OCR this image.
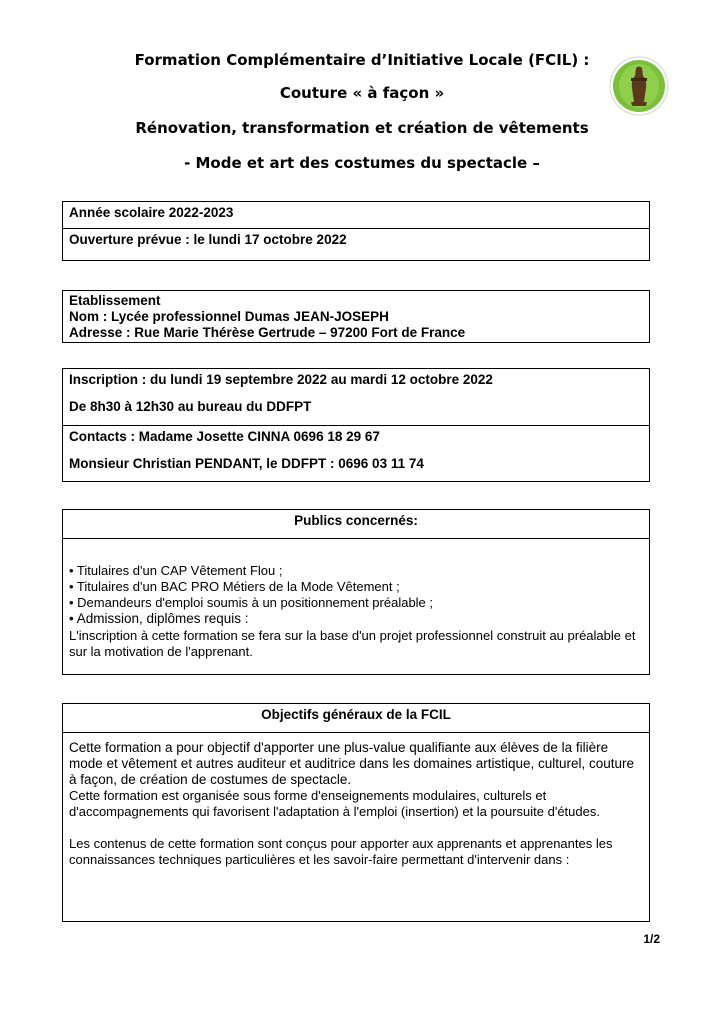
Formation Complémentaire d’Initiative Locale (FCIL) :
Couture « à façon »
Rénovation, transformation et création de vêtements
- Mode et art des costumes du spectacle –
Année scolaire 2022-2023
Ouverture prévue : le lundi 17 octobre 2022
Etablissement
Nom : Lycée professionnel Dumas JEAN-JOSEPH
Adresse : Rue Marie Thérèse Gertrude – 97200 Fort de France
Inscription : du lundi 19 septembre 2022 au mardi 12 octobre 2022
De 8h30 à 12h30 au bureau du DDFPT
Contacts : Madame Josette CINNA 0696 18 29 67
Monsieur Christian PENDANT, le DDFPT : 0696 03 11 74
Publics concernés:
• Titulaires d'un CAP Vêtement Flou ;
• Titulaires d'un BAC PRO Métiers de la Mode Vêtement ;
• Demandeurs d'emploi soumis à un positionnement préalable ;
• Admission, diplômes requis :
L'inscription à cette formation se fera sur la base d'un projet professionnel construit au préalable et sur la motivation de l'apprenant.
Objectifs généraux de la FCIL
Cette formation a pour objectif d'apporter une plus-value qualifiante aux élèves de la filière mode et vêtement et autres auditeur et auditrice dans les domaines artistique, culturel, couture à façon, de création de costumes de spectacle.
Cette formation est organisée sous forme d'enseignements modulaires, culturels et d'accompagnements qui favorisent l'adaptation à l'emploi (insertion) et la poursuite d'études.
Les contenus de cette formation sont conçus pour apporter aux apprenants et apprenantes les connaissances techniques particulières et les savoir-faire permettant d'intervenir dans :
1/2
